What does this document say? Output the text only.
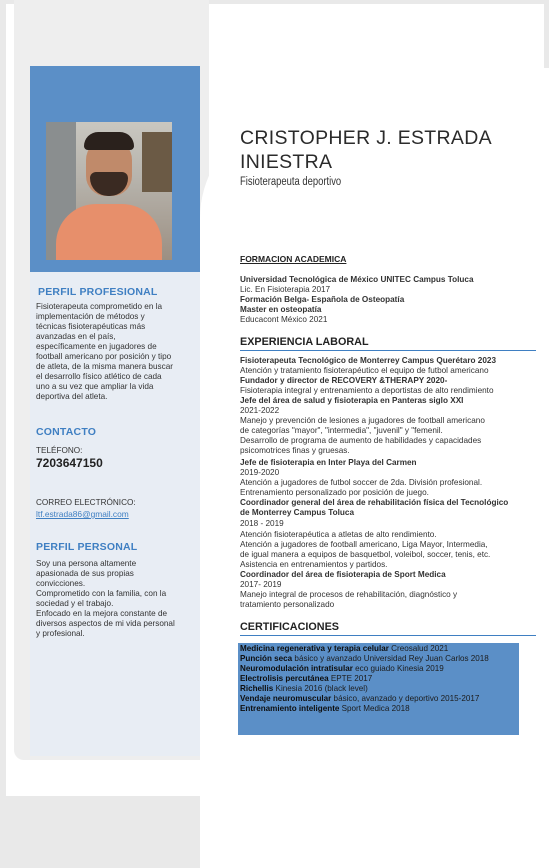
PERFIL PROFESIONAL
Fisioterapeuta comprometido en la
implementación de métodos y
técnicas fisioterapéuticas más
avanzadas en el país,
específicamente en jugadores de
football americano por posición y tipo
de atleta, de la misma manera buscar
el desarrollo físico atlético de cada
uno a su vez que ampliar la vida
deportiva del atleta.
CONTACTO
TELÉFONO:
7203647150
CORREO ELECTRÓNICO:
ltf.estrada86@gmail.com
PERFIL PERSONAL
Soy una persona altamente
apasionada de sus propias
convicciones.
Comprometido con la familia, con la
sociedad y el trabajo.
Enfocado en la mejora constante de
diversos aspectos de mi vida personal
y profesional.
CRISTOPHER J. ESTRADA
INIESTRA
Fisioterapeuta deportivo
FORMACION ACADEMICA
Universidad Tecnológica de México UNITEC Campus Toluca
Lic. En Fisioterapia 2017
Formación Belga- Española de Osteopatía
Master en osteopatía
Educacont México 2021
EXPERIENCIA LABORAL
Fisioterapeuta Tecnológico de Monterrey Campus Querétaro 2023
Atención y tratamiento fisioterapéutico el equipo de futbol americano
Fundador y director de RECOVERY &THERAPY 2020-
Fisioterapia integral y entrenamiento a deportistas de alto rendimiento
Jefe del área de salud y fisioterapia en Panteras siglo XXI
2021-2022
Manejo y prevención de lesiones a jugadores de football americano
de categorías "mayor", "intermedia", "juvenil" y "femenil.
Desarrollo de programa de aumento de habilidades y capacidades
psicomotrices finas y gruesas.
Jefe de fisioterapia en Inter Playa del Carmen
2019-2020
Atención a jugadores de futbol soccer de 2da. División profesional.
Entrenamiento personalizado por posición de juego.
Coordinador general del área de rehabilitación física del Tecnológico
de Monterrey Campus Toluca
2018 - 2019
Atención fisioterapéutica a atletas de alto rendimiento.
Atención a jugadores de football americano, Liga Mayor, Intermedia,
de igual manera a equipos de basquetbol, voleibol, soccer, tenis, etc.
Asistencia en entrenamientos y partidos.
Coordinador del área de fisioterapia de Sport Medica
2017- 2019
Manejo integral de procesos de rehabilitación, diagnóstico y
tratamiento personalizado
CERTIFICACIONES
Medicina regenerativa y terapia celular Creosalud 2021
Punción seca básico y avanzado Universidad Rey Juan Carlos 2018
Neuromodulación intratisular eco guiado Kinesia 2019
Electrolisis percutánea EPTE 2017
Richellis Kinesia 2016 (black level)
Vendaje neuromuscular básico, avanzado y deportivo 2015-2017
Entrenamiento inteligente Sport Medica 2018
